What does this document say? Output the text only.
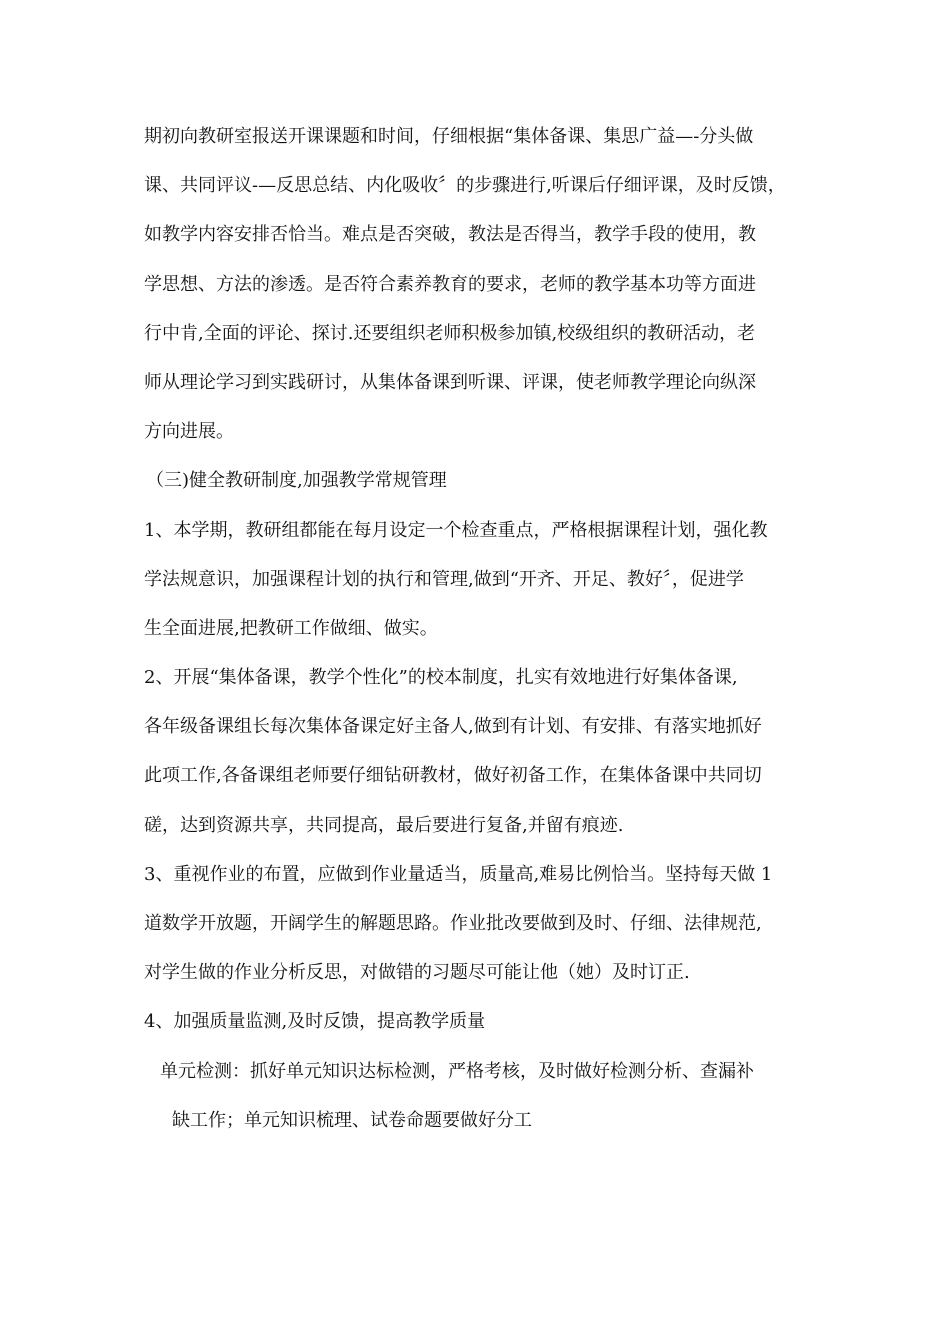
期初向教研室报送开课课题和时间，仔细根据“集体备课、集思广益—-分头做
课、共同评议-—反思总结、内化吸收〞的步骤进行,听课后仔细评课，及时反馈，
如教学内容安排否恰当。难点是否突破，教法是否得当，教学手段的使用，教
学思想、方法的渗透。是否符合素养教育的要求，老师的教学基本功等方面进
行中肯,全面的评论、探讨.还要组织老师积极参加镇,校级组织的教研活动，老
师从理论学习到实践研讨，从集体备课到听课、评课，使老师教学理论向纵深
方向进展。
（三)健全教研制度,加强教学常规管理
1、本学期，教研组都能在每月设定一个检查重点，严格根据课程计划，强化教
学法规意识，加强课程计划的执行和管理,做到“开齐、开足、教好〞，促进学
生全面进展,把教研工作做细、做实。
2、开展“集体备课，教学个性化”的校本制度，扎实有效地进行好集体备课,
各年级备课组长每次集体备课定好主备人,做到有计划、有安排、有落实地抓好
此项工作,各备课组老师要仔细钻研教材，做好初备工作，在集体备课中共同切
磋，达到资源共享，共同提高，最后要进行复备,并留有痕迹.
3、重视作业的布置，应做到作业量适当，质量高,难易比例恰当。坚持每天做 1
道数学开放题，开阔学生的解题思路。作业批改要做到及时、仔细、法律规范,
对学生做的作业分析反思，对做错的习题尽可能让他（她）及时订正.
4、加强质量监测,及时反馈，提高教学质量
单元检测：抓好单元知识达标检测，严格考核，及时做好检测分析、查漏补
缺工作；单元知识梳理、试卷命题要做好分工
